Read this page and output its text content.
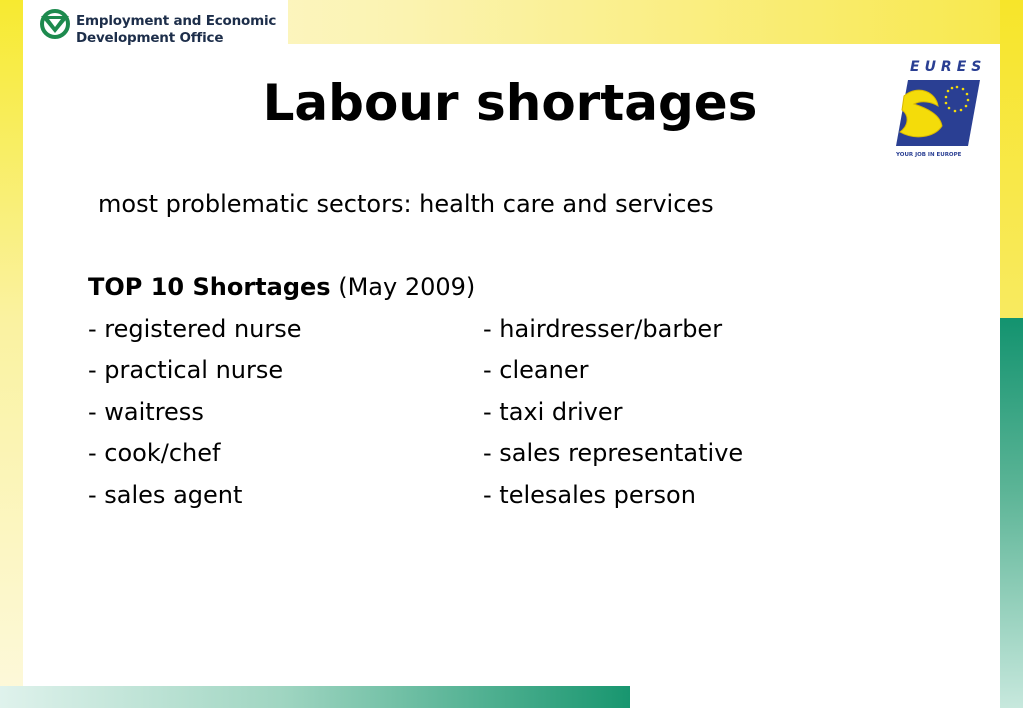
Employment and Economic
Development Office
Labour shortages
EURES
YOUR JOB IN EUROPE
most problematic sectors: health care and services
TOP 10 Shortages (May 2009)
- registered nurse
- practical nurse
- waitress
- cook/chef
- sales agent
- hairdresser/barber
- cleaner
- taxi driver
- sales representative
- telesales person
